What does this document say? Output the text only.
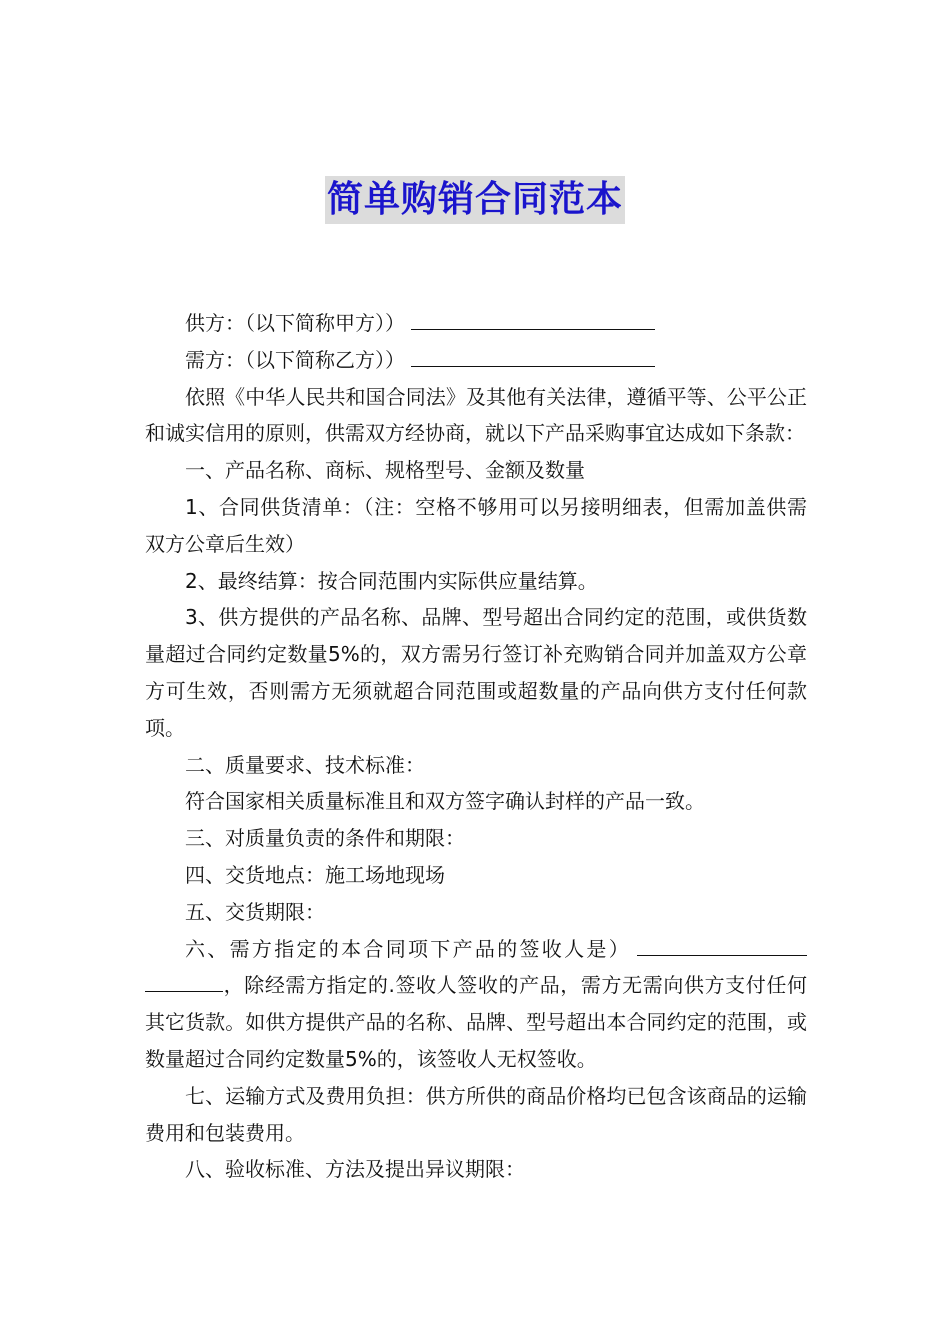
简单购销合同范本

供方：（以下简称甲方））

需方：（以下简称乙方））

依照《中华人民共和国合同法》及其他有关法律，遵循平等、公平公正和诚实信用的原则，供需双方经协商，就以下产品采购事宜达成如下条款：

一、产品名称、商标、规格型号、金额及数量

1、合同供货清单：（注：空格不够用可以另接明细表，但需加盖供需双方公章后生效）

2、最终结算：按合同范围内实际供应量结算。

3、供方提供的产品名称、品牌、型号超出合同约定的范围，或供货数量超过合同约定数量5%的，双方需另行签订补充购销合同并加盖双方公章方可生效，否则需方无须就超合同范围或超数量的产品向供方支付任何款项。

二、质量要求、技术标准：

符合国家相关质量标准且和双方签字确认封样的产品一致。

三、对质量负责的条件和期限：

四、交货地点：施工场地现场

五、交货期限：

六、需方指定的本合同项下产品的签收人是），除经需方指定的.签收人签收的产品，需方无需向供方支付任何其它货款。如供方提供产品的名称、品牌、型号超出本合同约定的范围，或数量超过合同约定数量5%的，该签收人无权签收。

七、运输方式及费用负担：供方所供的商品价格均已包含该商品的运输费用和包装费用。

八、验收标准、方法及提出异议期限：
